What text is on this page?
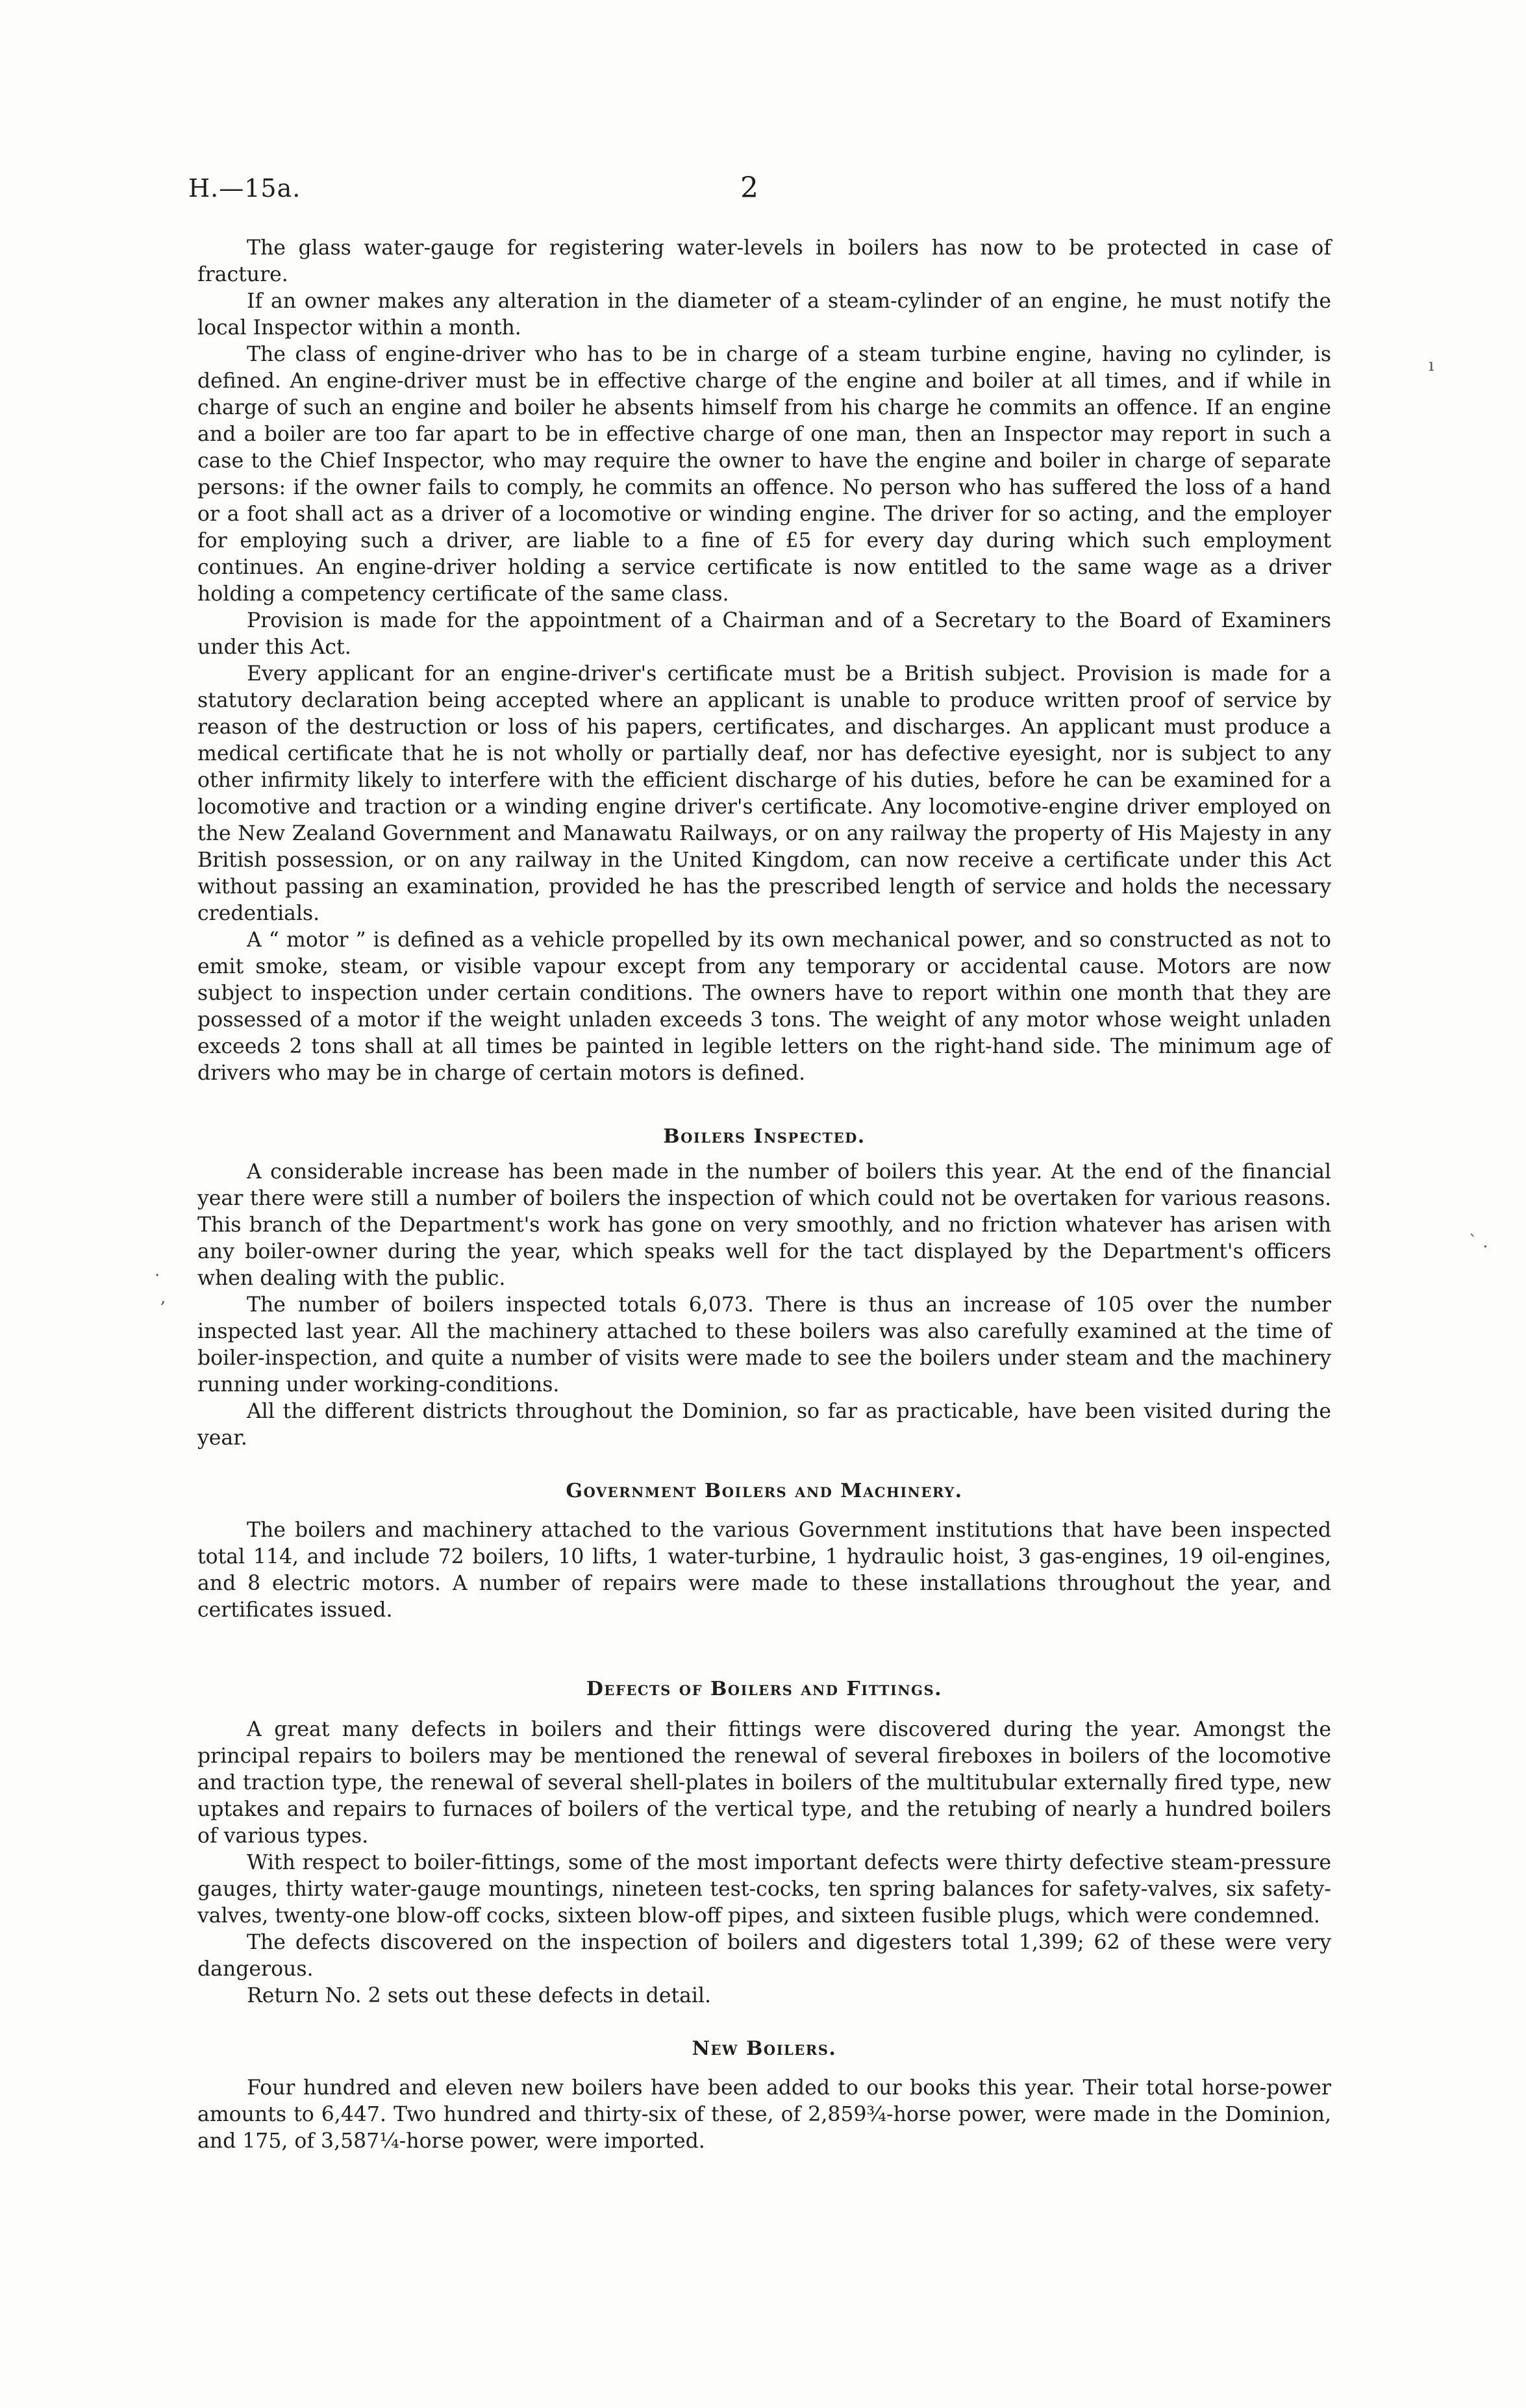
ı
ˋ .
·
,
H.—15a.	2

The glass water-gauge for registering water-levels in boilers has now to be protected in case of fracture.

If an owner makes any alteration in the diameter of a steam-cylinder of an engine, he must notify the local Inspector within a month.

The class of engine-driver who has to be in charge of a steam turbine engine, having no cylinder, is defined. An engine-driver must be in effective charge of the engine and boiler at all times, and if while in charge of such an engine and boiler he absents himself from his charge he commits an offence. If an engine and a boiler are too far apart to be in effective charge of one man, then an Inspector may report in such a case to the Chief Inspector, who may require the owner to have the engine and boiler in charge of separate persons: if the owner fails to comply, he commits an offence. No person who has suffered the loss of a hand or a foot shall act as a driver of a locomotive or winding engine. The driver for so acting, and the employer for employing such a driver, are liable to a fine of £5 for every day during which such employment continues. An engine-driver holding a service certificate is now entitled to the same wage as a driver holding a competency certificate of the same class.

Provision is made for the appointment of a Chairman and of a Secretary to the Board of Examiners under this Act.

Every applicant for an engine-driver's certificate must be a British subject. Provision is made for a statutory declaration being accepted where an applicant is unable to produce written proof of service by reason of the destruction or loss of his papers, certificates, and discharges. An applicant must produce a medical certificate that he is not wholly or partially deaf, nor has defective eyesight, nor is subject to any other infirmity likely to interfere with the efficient discharge of his duties, before he can be examined for a locomotive and traction or a winding engine driver's certificate. Any locomotive-engine driver employed on the New Zealand Government and Manawatu Railways, or on any railway the property of His Majesty in any British possession, or on any railway in the United Kingdom, can now receive a certificate under this Act without passing an examination, provided he has the prescribed length of service and holds the necessary credentials.

A “ motor ” is defined as a vehicle propelled by its own mechanical power, and so constructed as not to emit smoke, steam, or visible vapour except from any temporary or accidental cause. Motors are now subject to inspection under certain conditions. The owners have to report within one month that they are possessed of a motor if the weight unladen exceeds 3 tons. The weight of any motor whose weight unladen exceeds 2 tons shall at all times be painted in legible letters on the right-hand side. The minimum age of drivers who may be in charge of certain motors is defined.

Boilers Inspected.

A considerable increase has been made in the number of boilers this year. At the end of the financial year there were still a number of boilers the inspection of which could not be overtaken for various reasons. This branch of the Department's work has gone on very smoothly, and no friction whatever has arisen with any boiler-owner during the year, which speaks well for the tact displayed by the Department's officers when dealing with the public.

The number of boilers inspected totals 6,073. There is thus an increase of 105 over the number inspected last year. All the machinery attached to these boilers was also carefully examined at the time of boiler-inspection, and quite a number of visits were made to see the boilers under steam and the machinery running under working-conditions.

All the different districts throughout the Dominion, so far as practicable, have been visited during the year.

Government Boilers and Machinery.

The boilers and machinery attached to the various Government institutions that have been inspected total 114, and include 72 boilers, 10 lifts, 1 water-turbine, 1 hydraulic hoist, 3 gas-engines, 19 oil-engines, and 8 electric motors. A number of repairs were made to these installations throughout the year, and certificates issued.

Defects of Boilers and Fittings.

A great many defects in boilers and their fittings were discovered during the year. Amongst the principal repairs to boilers may be mentioned the renewal of several fireboxes in boilers of the locomotive and traction type, the renewal of several shell-plates in boilers of the multitubular externally fired type, new uptakes and repairs to furnaces of boilers of the vertical type, and the retubing of nearly a hundred boilers of various types.

With respect to boiler-fittings, some of the most important defects were thirty defective steam-pressure gauges, thirty water-gauge mountings, nineteen test-cocks, ten spring balances for safety-valves, six safety-valves, twenty-one blow-off cocks, sixteen blow-off pipes, and sixteen fusible plugs, which were condemned.

The defects discovered on the inspection of boilers and digesters total 1,399; 62 of these were very dangerous.

Return No. 2 sets out these defects in detail.

New Boilers.

Four hundred and eleven new boilers have been added to our books this year. Their total horse-power amounts to 6,447. Two hundred and thirty-six of these, of 2,859¾-horse power, were made in the Dominion, and 175, of 3,587¼-horse power, were imported.
